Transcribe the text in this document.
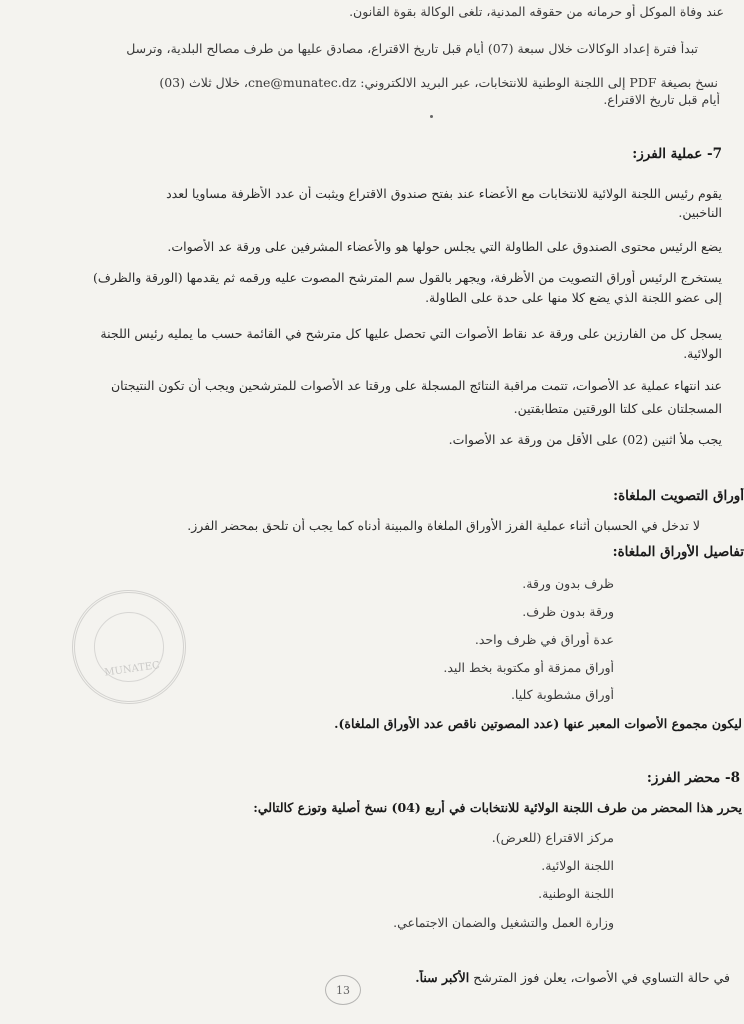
عند وفاة الموكل أو حرمانه من حقوقه المدنية، تلغى الوكالة بقوة القانون.
تبدأ فترة إعداد الوكالات خلال سبعة (07) أيام قبل تاريخ الاقتراع، مصادق عليها من طرف مصالح البلدية، وترسل
نسخ بصيغة PDF إلى اللجنة الوطنية للانتخابات، عبر البريد الالكتروني: cne@munatec.dz، خلال ثلاث (03)
أيام قبل تاريخ الاقتراع.
7- عملية الفرز:
يقوم رئيس اللجنة الولائية للانتخابات مع الأعضاء عند بفتح صندوق الاقتراع ويثبت أن عدد الأظرفة مساويا لعدد
الناخبين.
يضع الرئيس محتوى الصندوق على الطاولة التي يجلس حولها هو والأعضاء المشرفين على ورقة عد الأصوات.
يستخرج الرئيس أوراق التصويت من الأظرفة، ويجهر بالقول سم المترشح المصوت عليه ورقمه ثم يقدمها (الورقة والظرف)
إلى عضو اللجنة الذي يضع كلا منها على حدة على الطاولة.
يسجل كل من الفارزين على ورقة عد نقاط الأصوات التي تحصل عليها كل مترشح في القائمة حسب ما يمليه رئيس اللجنة
الولائية.
عند انتهاء عملية عد الأصوات، تتمت مراقبة النتائج المسجلة على ورقتا عد الأصوات للمترشحين ويجب أن تكون النتيجتان
المسجلتان على كلتا الورقتين متطابقتين.
يجب ملأ اثنين (02) على الأقل من ورقة عد الأصوات.
أوراق التصويت الملغاة:
لا تدخل في الحسبان أثناء عملية الفرز الأوراق الملغاة والمبينة أدناه كما يجب أن تلحق بمحضر الفرز.
تفاصيل الأوراق الملغاة:
ظرف بدون ورقة.
ورقة بدون ظرف.
عدة أوراق في ظرف واحد.
أوراق ممزقة أو مكتوبة بخط اليد.
أوراق مشطوبة كليا.
ليكون مجموع الأصوات المعبر عنها (عدد المصوتين ناقص عدد الأوراق الملغاة).
8- محضر الفرز:
يحرر هذا المحضر من طرف اللجنة الولائية للانتخابات في أربع (04) نسخ أصلية وتوزع كالتالي:
مركز الاقتراع (للعرض).
اللجنة الولائية.
اللجنة الوطنية.
وزارة العمل والتشغيل والضمان الاجتماعي.
في حالة التساوي في الأصوات، يعلن فوز المترشح الأكبر سناً.
MUNATEC
13
